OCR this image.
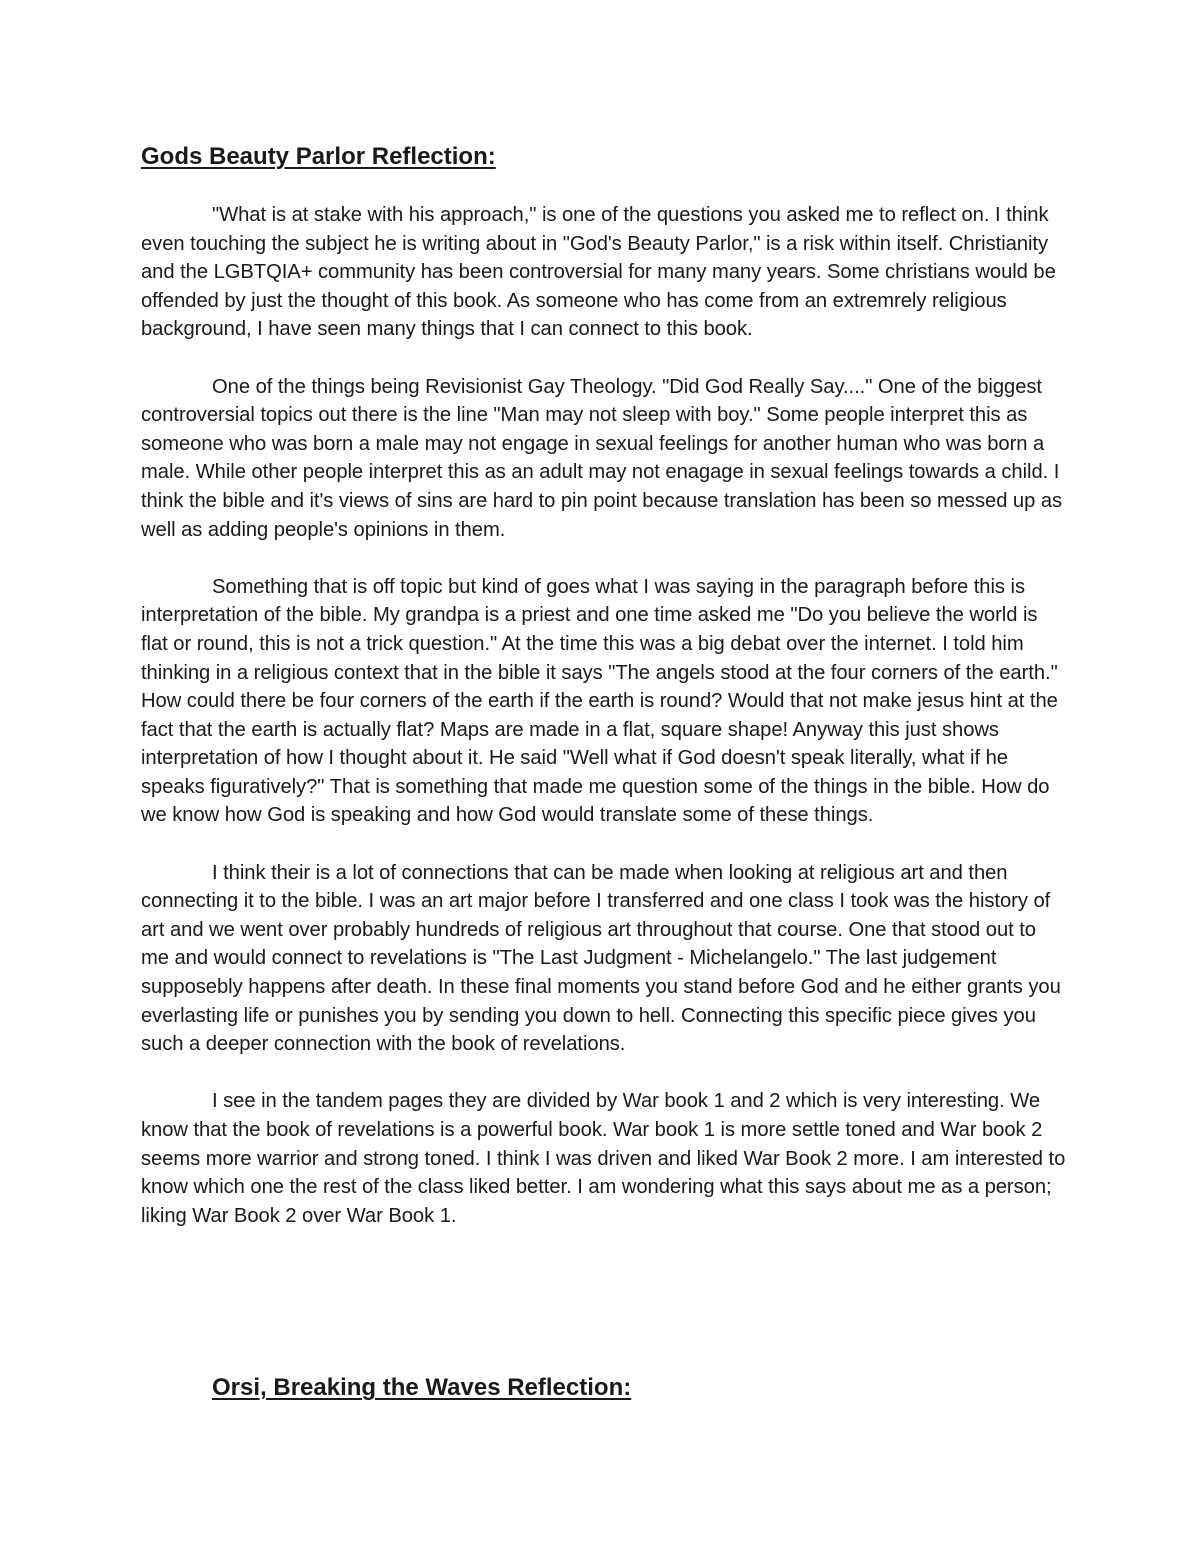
Gods Beauty Parlor Reflection:

"What is at stake with his approach," is one of the questions you asked me to reflect on. I think even touching the subject he is writing about in "God's Beauty Parlor," is a risk within itself. Christianity and the LGBTQIA+ community has been controversial for many many years. Some christians would be offended by just the thought of this book. As someone who has come from an extremrely religious background, I have seen many things that I can connect to this book.

One of the things being Revisionist Gay Theology. "Did God Really Say...." One of the biggest controversial topics out there is the line "Man may not sleep with boy." Some people interpret this as someone who was born a male may not engage in sexual feelings for another human who was born a male. While other people interpret this as an adult may not enagage in sexual feelings towards a child. I think the bible and it's views of sins are hard to pin point because translation has been so messed up as well as adding people's opinions in them.

Something that is off topic but kind of goes what I was saying in the paragraph before this is interpretation of the bible. My grandpa is a priest and one time asked me "Do you believe the world is flat or round, this is not a trick question." At the time this was a big debat over the internet. I told him thinking in a religious context that in the bible it says "The angels stood at the four corners of the earth." How could there be four corners of the earth if the earth is round? Would that not make jesus hint at the fact that the earth is actually flat? Maps are made in a flat, square shape! Anyway this just shows interpretation of how I thought about it. He said "Well what if God doesn't speak literally, what if he speaks figuratively?" That is something that made me question some of the things in the bible. How do we know how God is speaking and how God would translate some of these things.

I think their is a lot of connections that can be made when looking at religious art and then connecting it to the bible. I was an art major before I transferred and one class I took was the history of art and we went over probably hundreds of religious art throughout that course. One that stood out to me and would connect to revelations is "The Last Judgment - Michelangelo." The last judgement supposebly happens after death. In these final moments you stand before God and he either grants you everlasting life or punishes you by sending you down to hell. Connecting this specific piece gives you such a deeper connection with the book of revelations.

I see in the tandem pages they are divided by War book 1 and 2 which is very interesting. We know that the book of revelations is a powerful book. War book 1 is more settle toned and War book 2 seems more warrior and strong toned. I think I was driven and liked War Book 2 more. I am interested to know which one the rest of the class liked better. I am wondering what this says about me as a person; liking War Book 2 over War Book 1.

Orsi, Breaking the Waves Reflection:
